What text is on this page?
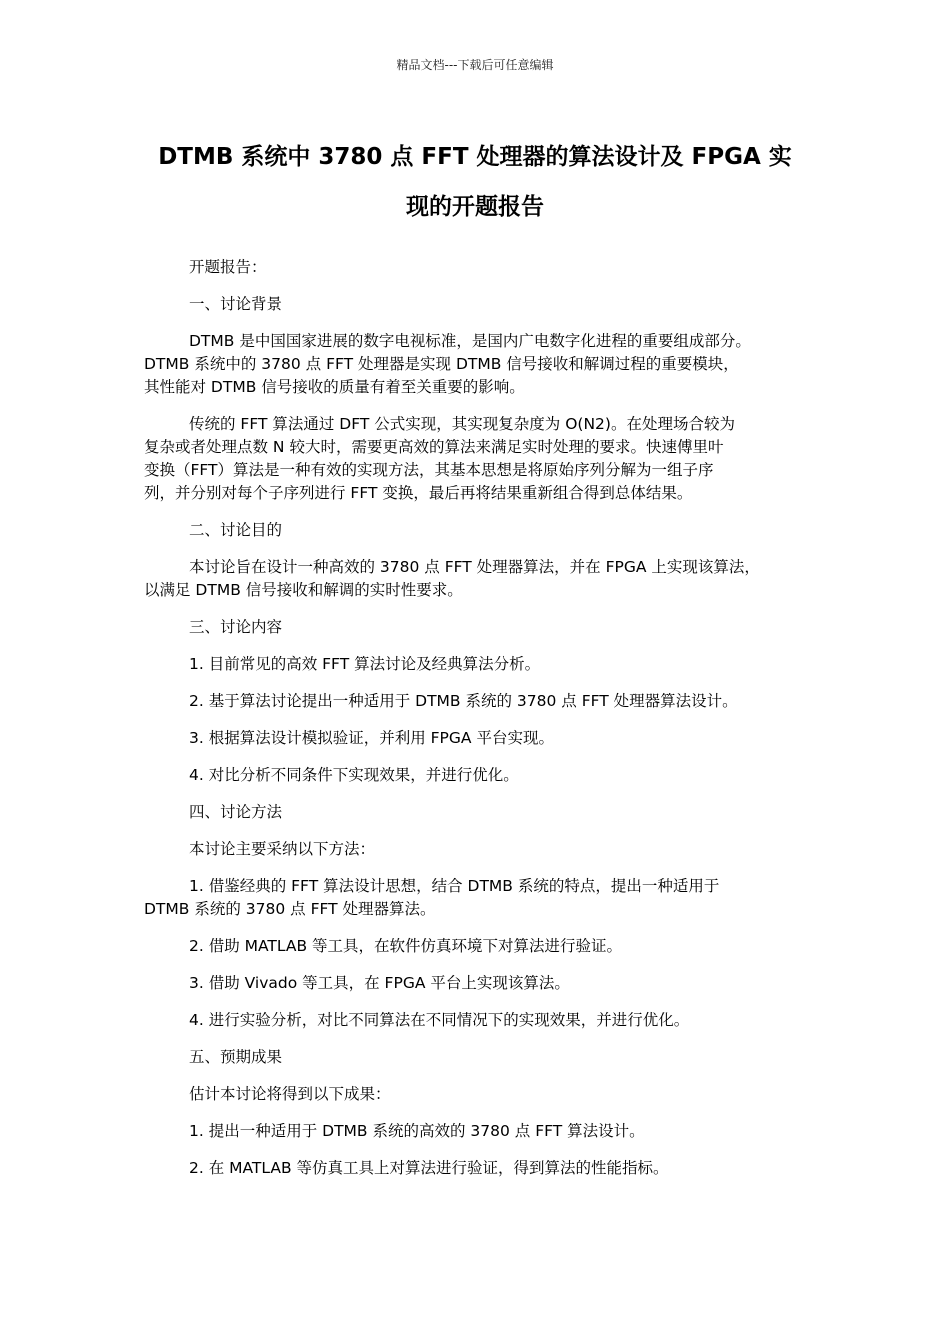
精品文档---下载后可任意编辑
DTMB 系统中 3780 点 FFT 处理器的算法设计及 FPGA 实
现的开题报告

开题报告：

一、讨论背景

DTMB 是中国国家进展的数字电视标准，是国内广电数字化进程的重要组成部分。
DTMB 系统中的 3780 点 FFT 处理器是实现 DTMB 信号接收和解调过程的重要模块，
其性能对 DTMB 信号接收的质量有着至关重要的影响。

传统的 FFT 算法通过 DFT 公式实现，其实现复杂度为 O(N2)。在处理场合较为
复杂或者处理点数 N 较大时，需要更高效的算法来满足实时处理的要求。快速傅里叶
变换（FFT）算法是一种有效的实现方法，其基本思想是将原始序列分解为一组子序
列，并分别对每个子序列进行 FFT 变换，最后再将结果重新组合得到总体结果。

二、讨论目的

本讨论旨在设计一种高效的 3780 点 FFT 处理器算法，并在 FPGA 上实现该算法，
以满足 DTMB 信号接收和解调的实时性要求。

三、讨论内容

1. 目前常见的高效 FFT 算法讨论及经典算法分析。

2. 基于算法讨论提出一种适用于 DTMB 系统的 3780 点 FFT 处理器算法设计。

3. 根据算法设计模拟验证，并利用 FPGA 平台实现。

4. 对比分析不同条件下实现效果，并进行优化。

四、讨论方法

本讨论主要采纳以下方法：

1. 借鉴经典的 FFT 算法设计思想，结合 DTMB 系统的特点，提出一种适用于
DTMB 系统的 3780 点 FFT 处理器算法。

2. 借助 MATLAB 等工具，在软件仿真环境下对算法进行验证。

3. 借助 Vivado 等工具，在 FPGA 平台上实现该算法。

4. 进行实验分析，对比不同算法在不同情况下的实现效果，并进行优化。

五、预期成果

估计本讨论将得到以下成果：

1. 提出一种适用于 DTMB 系统的高效的 3780 点 FFT 算法设计。

2. 在 MATLAB 等仿真工具上对算法进行验证，得到算法的性能指标。
